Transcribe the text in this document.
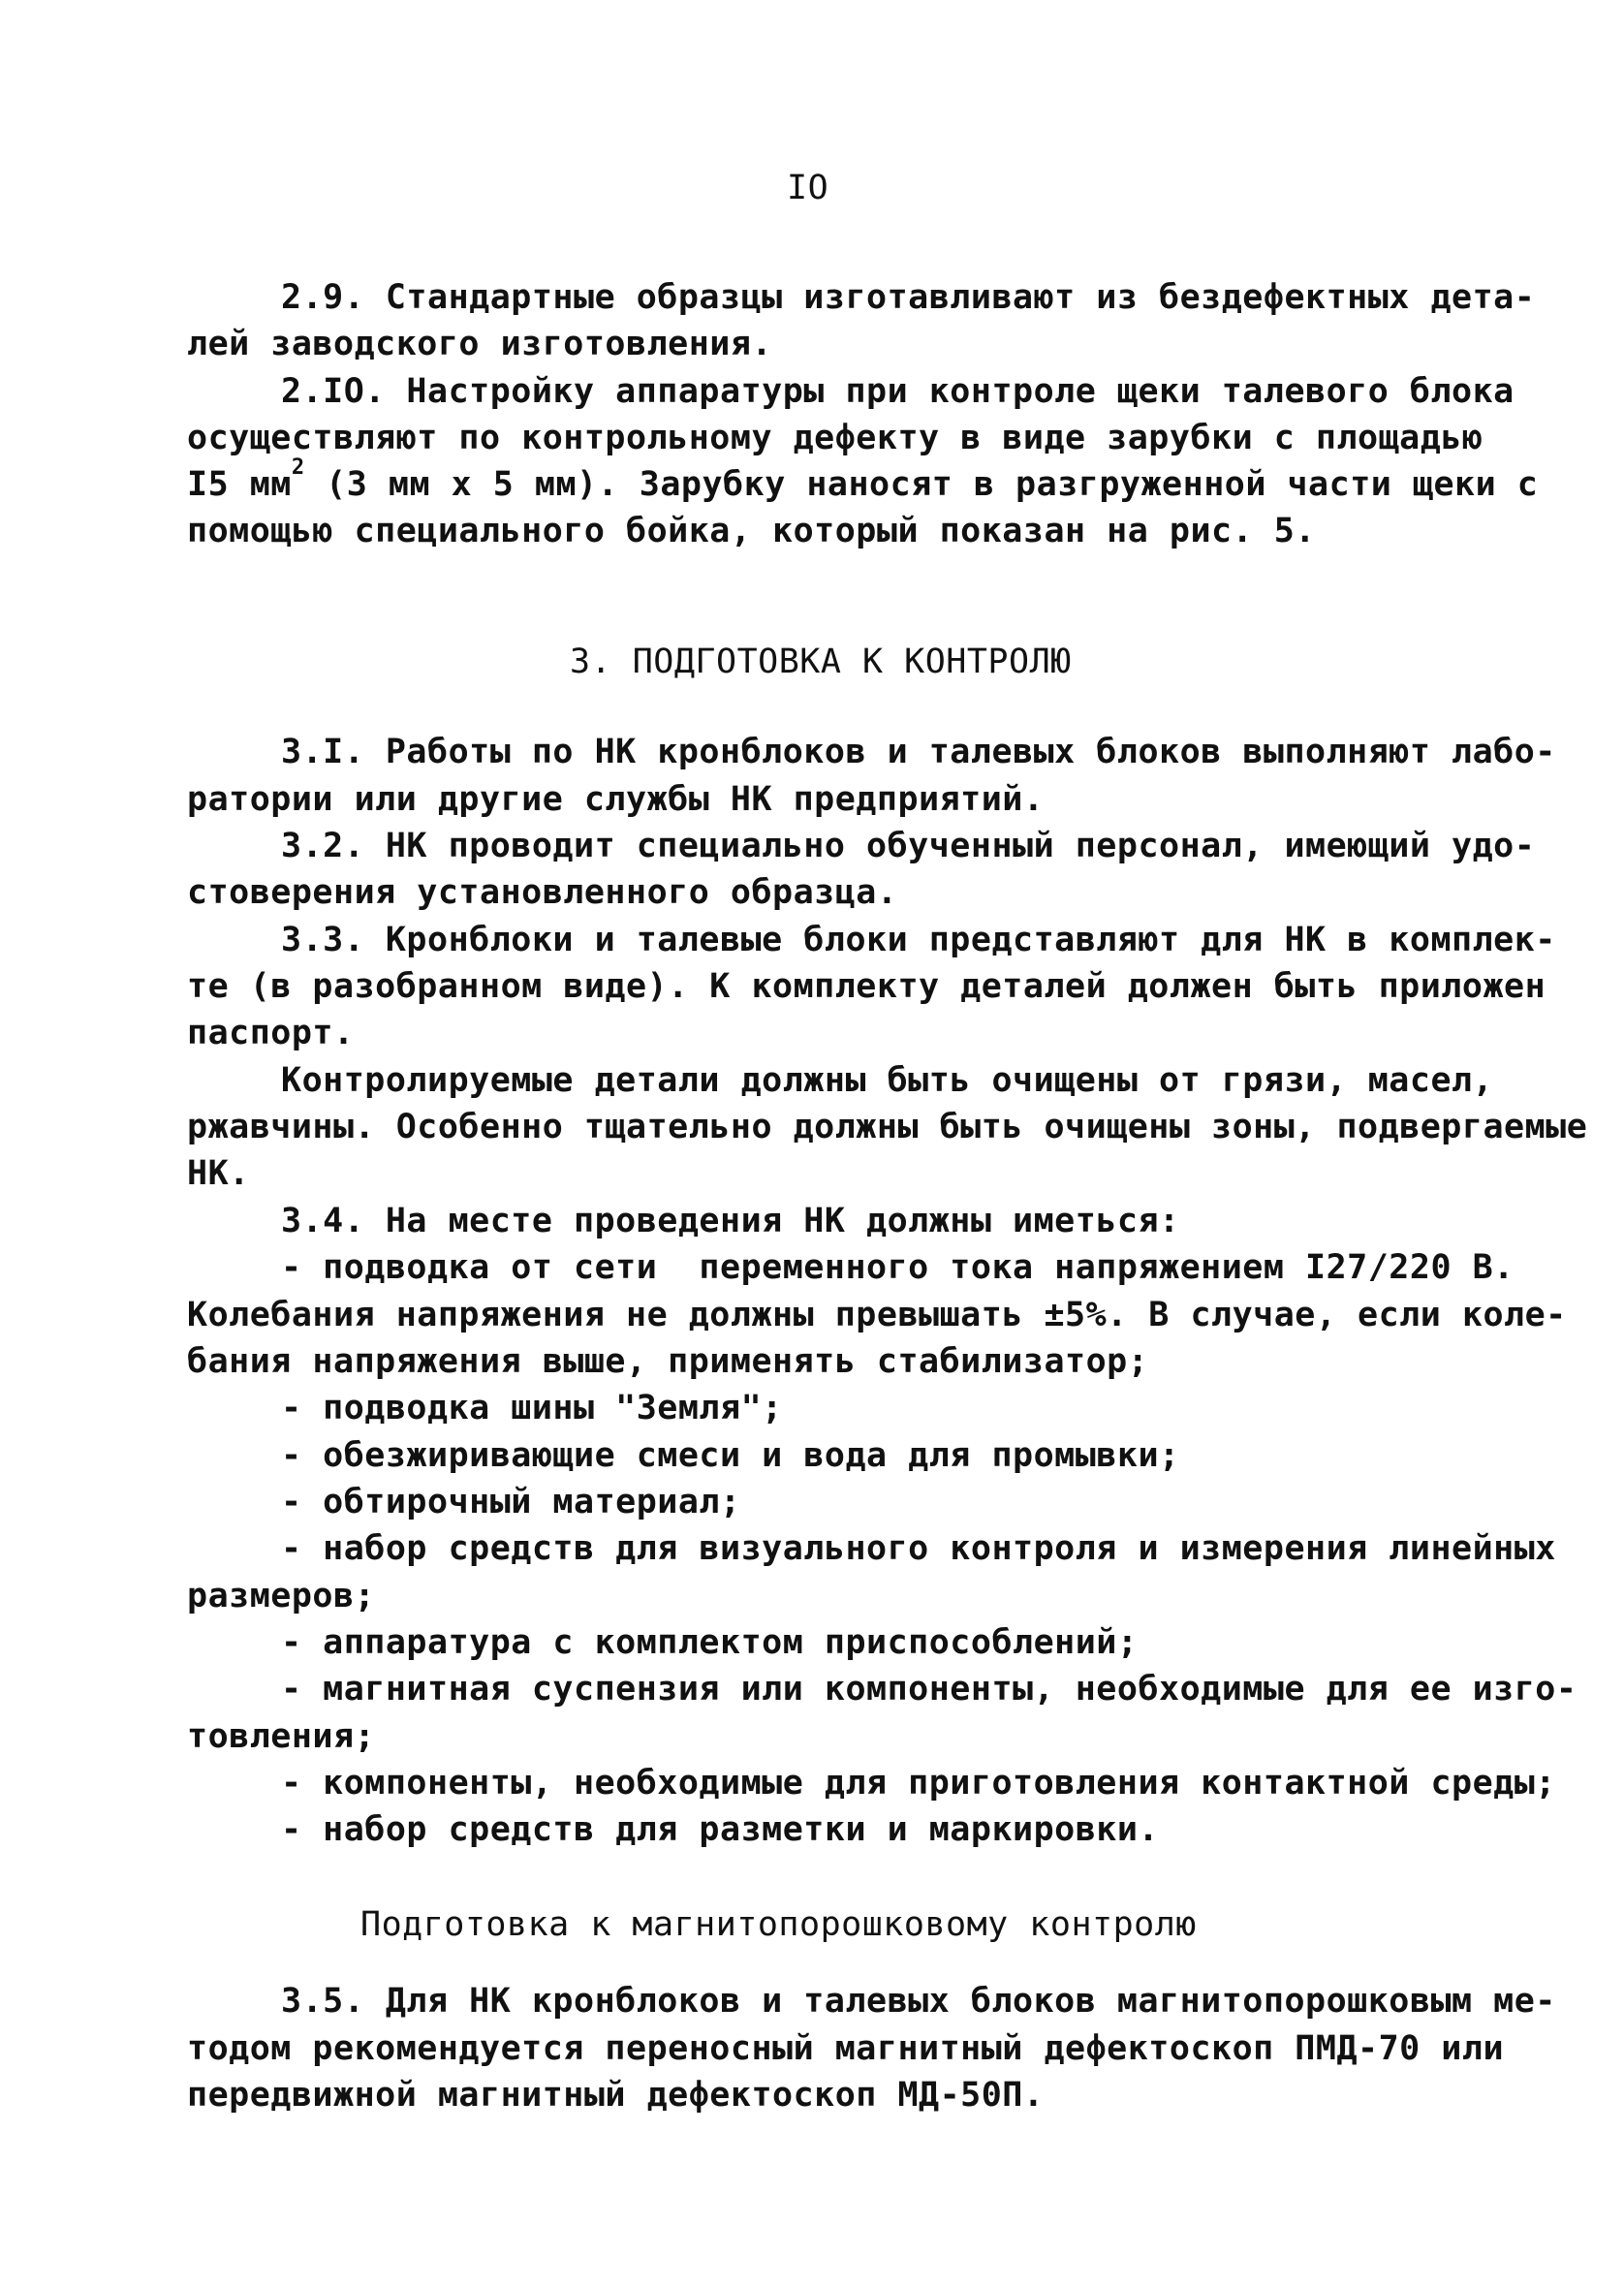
IO
2.9. Стандартные образцы изготавливают из бездефектных дета-
лей заводского изготовления.
2.IO. Настройку аппаратуры при контроле щеки талевого блока
осуществляют по контрольному дефекту в виде зарубки с площадью
I5 $мм^2$ (3 мм х 5 мм). Зарубку наносят в разгруженной части щеки с
помощью специального бойка, который показан на рис. 5.
3. ПОДГОТОВКА К КОНТРОЛЮ
3.I. Работы по НК кронблоков и талевых блоков выполняют лабо-
ратории или другие службы НК предприятий.
3.2. НК проводит специально обученный персонал, имеющий удо-
стоверения установленного образца.
3.3. Кронблоки и талевые блоки представляют для НК в комплек-
те (в разобранном виде). К комплекту деталей должен быть приложен
паспорт.
Контролируемые детали должны быть очищены от грязи, масел,
ржавчины. Особенно тщательно должны быть очищены зоны, подвергаемые
НК.
3.4. На месте проведения НК должны иметься:
- подводка от сети  переменного тока напряжением I27/220 В.
Колебания напряжения не должны превышать ±5%. В случае, если коле-
бания напряжения выше, применять стабилизатор;
- подводка шины "Земля";
- обезжиривающие смеси и вода для промывки;
- обтирочный материал;
- набор средств для визуального контроля и измерения линейных
размеров;
- аппаратура с комплектом приспособлений;
- магнитная суспензия или компоненты, необходимые для ее изго-
товления;
- компоненты, необходимые для приготовления контактной среды;
- набор средств для разметки и маркировки.
Подготовка к магнитопорошковому контролю
3.5. Для НК кронблоков и талевых блоков магнитопорошковым ме-
тодом рекомендуется переносный магнитный дефектоскоп ПМД-70 или
передвижной магнитный дефектоскоп МД-50П.
